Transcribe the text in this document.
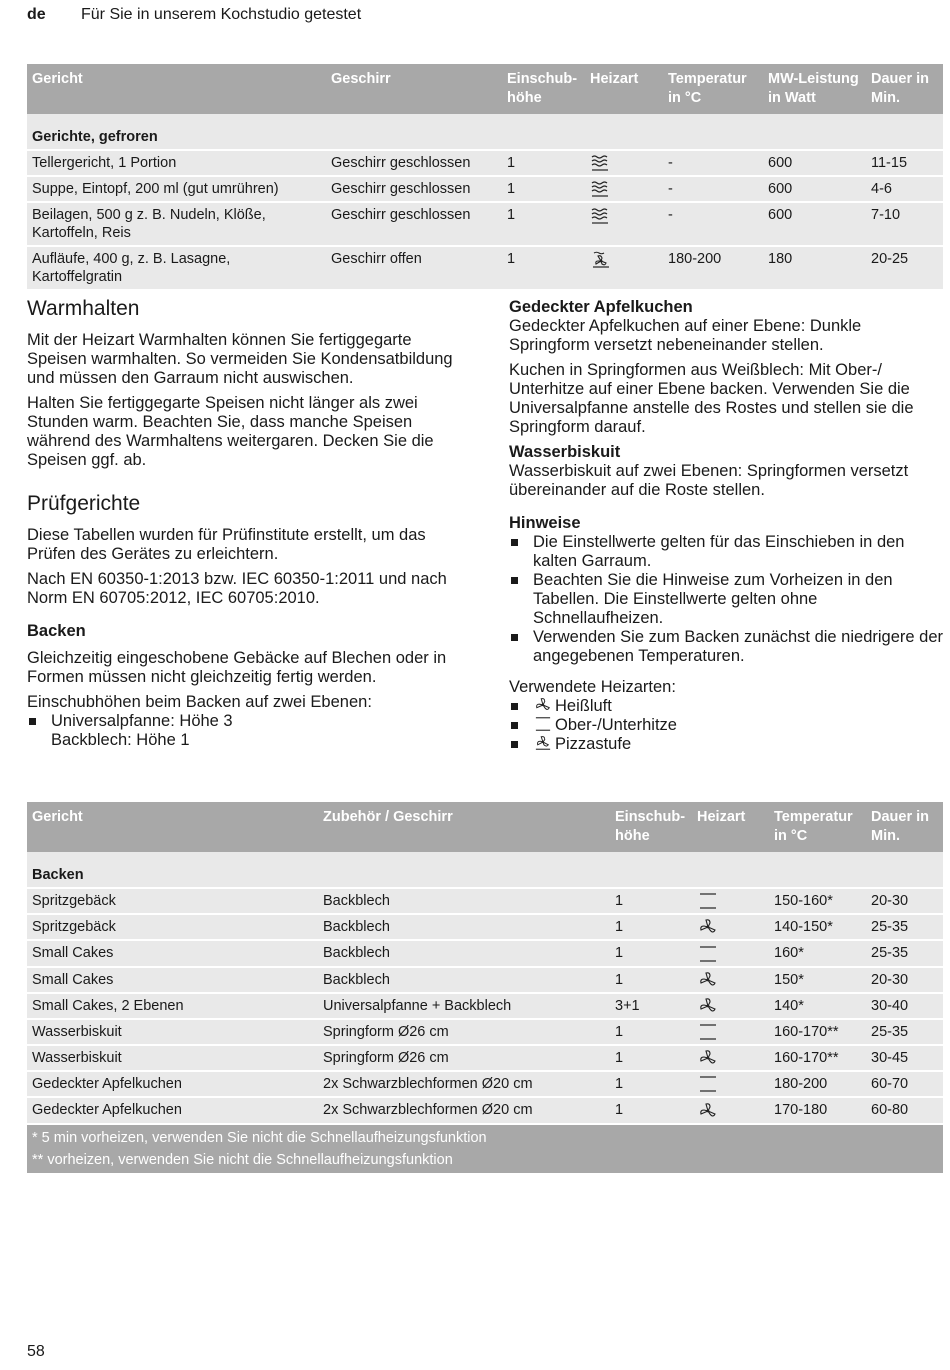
de Für Sie in unserem Kochstudio getestet
Gericht	Geschirr	Einschub-höhe	Heizart	Temperatur in °C	MW-Leistung in Watt	Dauer in Min.
Gerichte, gefroren						
Tellergericht, 1 Portion	Geschirr geschlossen	1		-	600	11-15
Suppe, Eintopf, 200 ml (gut umrühren)	Geschirr geschlossen	1		-	600	4-6
Beilagen, 500 g z. B. Nudeln, Klöße, Kartoffeln, Reis	Geschirr geschlossen	1		-	600	7-10
Aufläufe, 400 g, z. B. Lasagne, Kartoffelgratin	Geschirr offen	1		180-200	180	20-25
Warmhalten

Mit der Heizart Warmhalten können Sie fertiggegarte Speisen warmhalten. So vermeiden Sie Kondensatbildung und müssen den Garraum nicht auswischen.

Halten Sie fertiggegarte Speisen nicht länger als zwei Stunden warm. Beachten Sie, dass manche Speisen während des Warmhaltens weitergaren. Decken Sie die Speisen ggf. ab.

Prüfgerichte

Diese Tabellen wurden für Prüfinstitute erstellt, um das Prüfen des Gerätes zu erleichtern.

Nach EN 60350-1:2013 bzw. IEC 60350-1:2011 und nach Norm EN 60705:2012, IEC 60705:2010.

Backen

Gleichzeitig eingeschobene Gebäcke auf Blechen oder in Formen müssen nicht gleichzeitig fertig werden.

Einschubhöhen beim Backen auf zwei Ebenen:

Universalpfanne: Höhe 3
Backblech: Höhe 1
Gedeckter Apfelkuchen

Gedeckter Apfelkuchen auf einer Ebene: Dunkle Springform versetzt nebeneinander stellen.

Kuchen in Springformen aus Weißblech: Mit Ober-/ Unterhitze auf einer Ebene backen. Verwenden Sie die Universalpfanne anstelle des Rostes und stellen sie die Springform darauf.

Wasserbiskuit

Wasserbiskuit auf zwei Ebenen: Springformen versetzt übereinander auf die Roste stellen.

Hinweise
Die Einstellwerte gelten für das Einschieben in den kalten Garraum.
Beachten Sie die Hinweise zum Vorheizen in den Tabellen. Die Einstellwerte gelten ohne Schnellaufheizen.
Verwenden Sie zum Backen zunächst die niedrigere der angegebenen Temperaturen.

Verwendete Heizarten:

Heißluft
Ober-/Unterhitze
Pizzastufe
Gericht	Zubehör / Geschirr	Einschub-höhe	Heizart	Temperatur in °C	Dauer in Min.
Backen					
Spritzgebäck	Backblech	1		150-160*	20-30
Spritzgebäck	Backblech	1		140-150*	25-35
Small Cakes	Backblech	1		160*	25-35
Small Cakes	Backblech	1		150*	20-30
Small Cakes, 2 Ebenen	Universalpfanne + Backblech	3+1		140*	30-40
Wasserbiskuit	Springform Ø26 cm	1		160-170**	25-35
Wasserbiskuit	Springform Ø26 cm	1		160-170**	30-45
Gedeckter Apfelkuchen	2x Schwarzblechformen Ø20 cm	1		180-200	60-70
Gedeckter Apfelkuchen	2x Schwarzblechformen Ø20 cm	1		170-180	60-80

* 5 min vorheizen, verwenden Sie nicht die Schnellaufheizungsfunktion
** vorheizen, verwenden Sie nicht die Schnellaufheizungsfunktion					
58
